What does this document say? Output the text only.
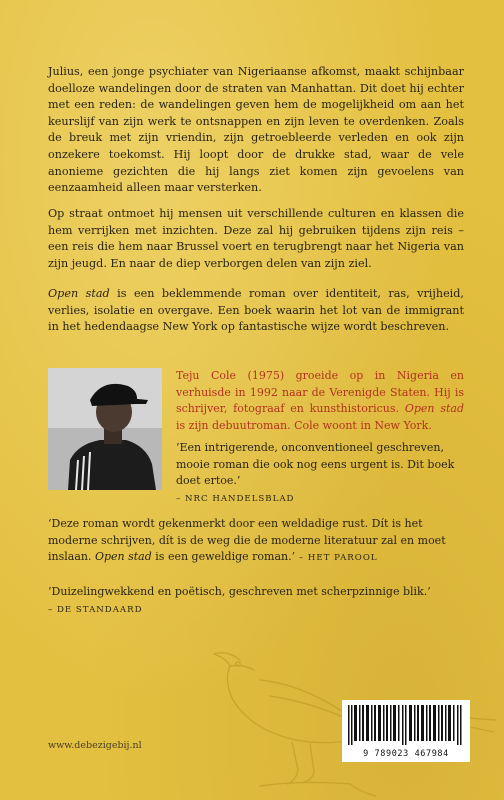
Julius, een jonge psychiater van Nigeriaanse afkomst, maakt schijnbaar doelloze wandelingen door de straten van Manhattan. Dit doet hij echter met een reden: de wandelingen geven hem de mogelijkheid om aan het keurslijf van zijn werk te ontsnappen en zijn leven te overdenken. Zoals de breuk met zijn vriendin, zijn getroebleerde verleden en ook zijn onzekere toekomst. Hij loopt door de drukke stad, waar de vele anonieme gezichten die hij langs ziet komen zijn gevoelens van eenzaamheid alleen maar versterken.

Op straat ontmoet hij mensen uit verschillende culturen en klassen die hem verrijken met inzichten. Deze zal hij gebruiken tijdens zijn reis – een reis die hem naar Brussel voert en terugbrengt naar het Nigeria van zijn jeugd. En naar de diep verborgen delen van zijn ziel.

Open stad is een beklemmende roman over identiteit, ras, vrijheid, verlies, isolatie en overgave. Een boek waarin het lot van de immigrant in het hedendaagse New York op fantastische wijze wordt beschreven.

Teju Cole (1975) groeide op in Nigeria en verhuisde in 1992 naar de Verenigde Staten. Hij is schrijver, fotograaf en kunsthistoricus. Open stad is zijn debuutroman. Cole woont in New York.
‘Een intrigerende, onconventioneel geschreven, mooie roman die ook nog eens urgent is. Dit boek doet ertoe.’
– NRC HANDELSBLAD
‘Deze roman wordt gekenmerkt door een weldadige rust. Dít is het moderne schrijven, dít is de weg die de moderne literatuur zal en moet inslaan. Open stad is een geweldige roman.’ – HET PAROOL
‘Duizelingwekkend en poëtisch, geschreven met scherpzinnige blik.’
– DE STANDAARD
www.debezigebij.nl
9 789023 467984
